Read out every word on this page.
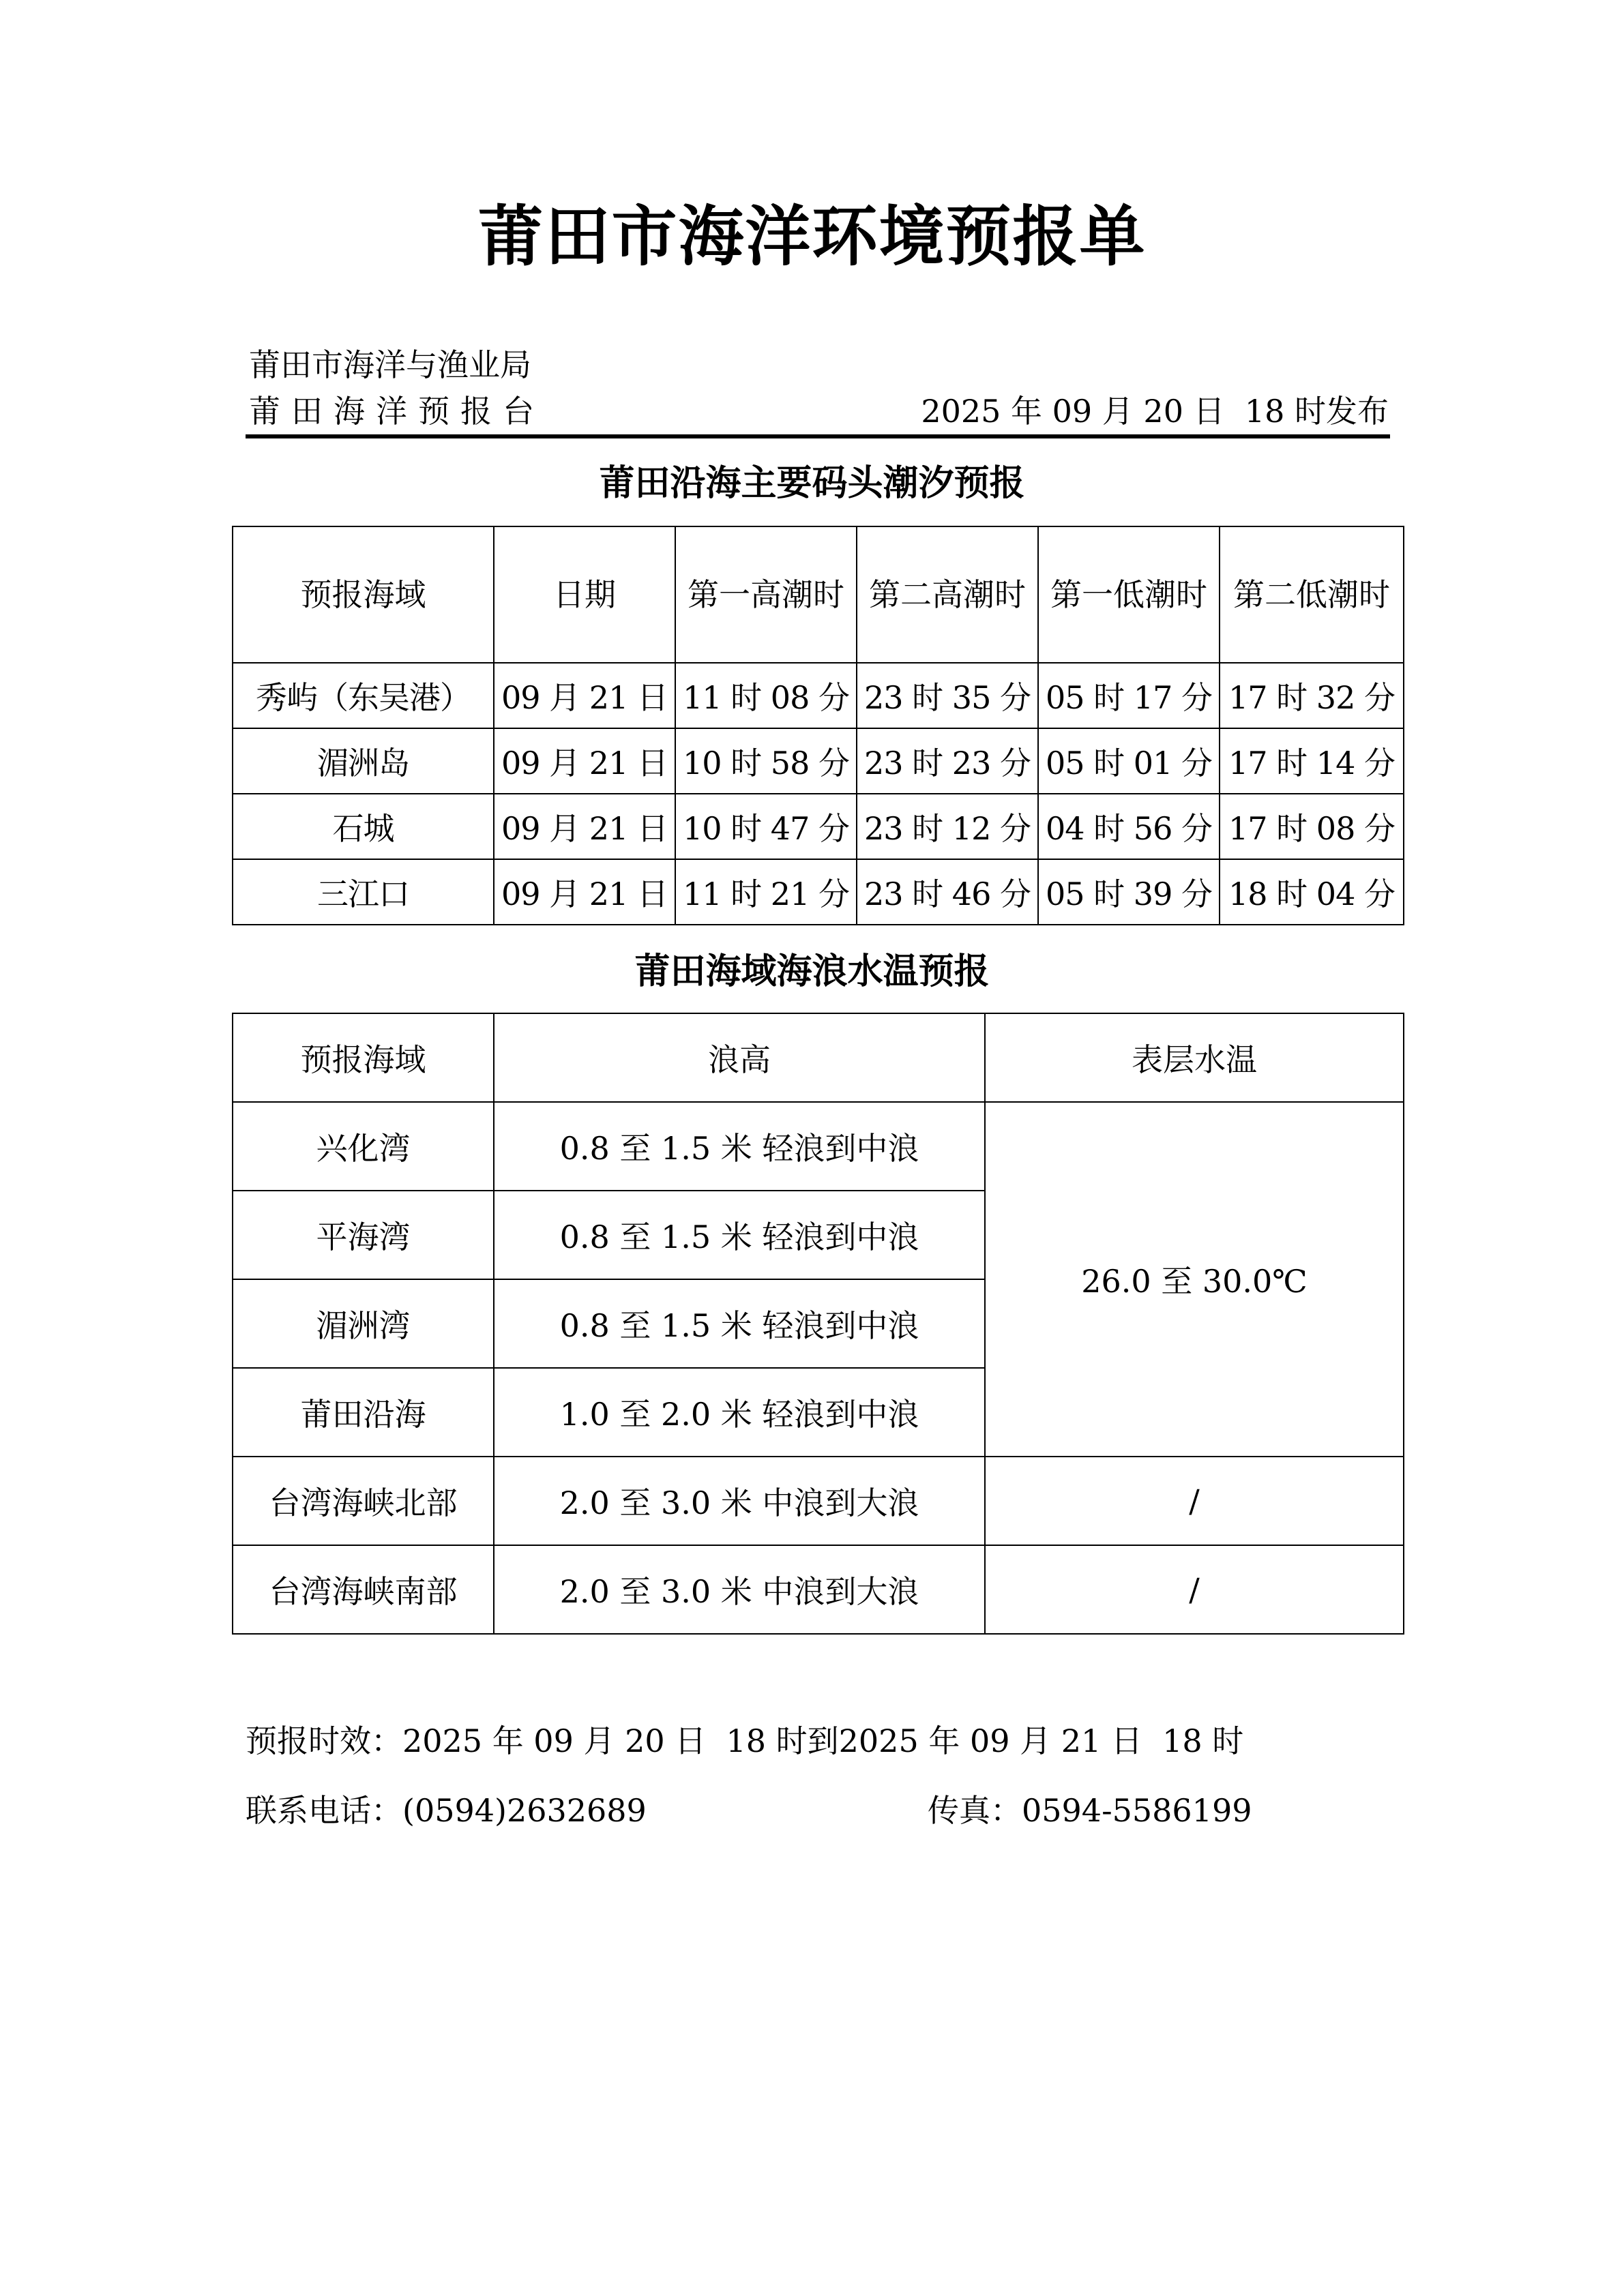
莆田市海洋环境预报单
莆田市海洋与渔业局
莆田海洋预报台	2025 年 09 月 20 日  18 时发布
莆田沿海主要码头潮汐预报
预报海域	日期	第一高潮时	第二高潮时	第一低潮时	第二低潮时
秀屿（东吴港）	09 月 21 日	11 时 08 分	23 时 35 分	05 时 17 分	17 时 32 分
湄洲岛	09 月 21 日	10 时 58 分	23 时 23 分	05 时 01 分	17 时 14 分
石城	09 月 21 日	10 时 47 分	23 时 12 分	04 时 56 分	17 时 08 分
三江口	09 月 21 日	11 时 21 分	23 时 46 分	05 时 39 分	18 时 04 分
莆田海域海浪水温预报
预报海域	浪高	表层水温
兴化湾	0.8 至 1.5 米 轻浪到中浪	26.0 至 30.0℃
平海湾	0.8 至 1.5 米 轻浪到中浪	
湄洲湾	0.8 至 1.5 米 轻浪到中浪	
莆田沿海	1.0 至 2.0 米 轻浪到中浪	
台湾海峡北部	2.0 至 3.0 米 中浪到大浪	/
台湾海峡南部	2.0 至 3.0 米 中浪到大浪	/
预报时效：2025 年 09 月 20 日  18 时到2025 年 09 月 21 日  18 时
联系电话：(0594)2632689	传真：0594-5586199
